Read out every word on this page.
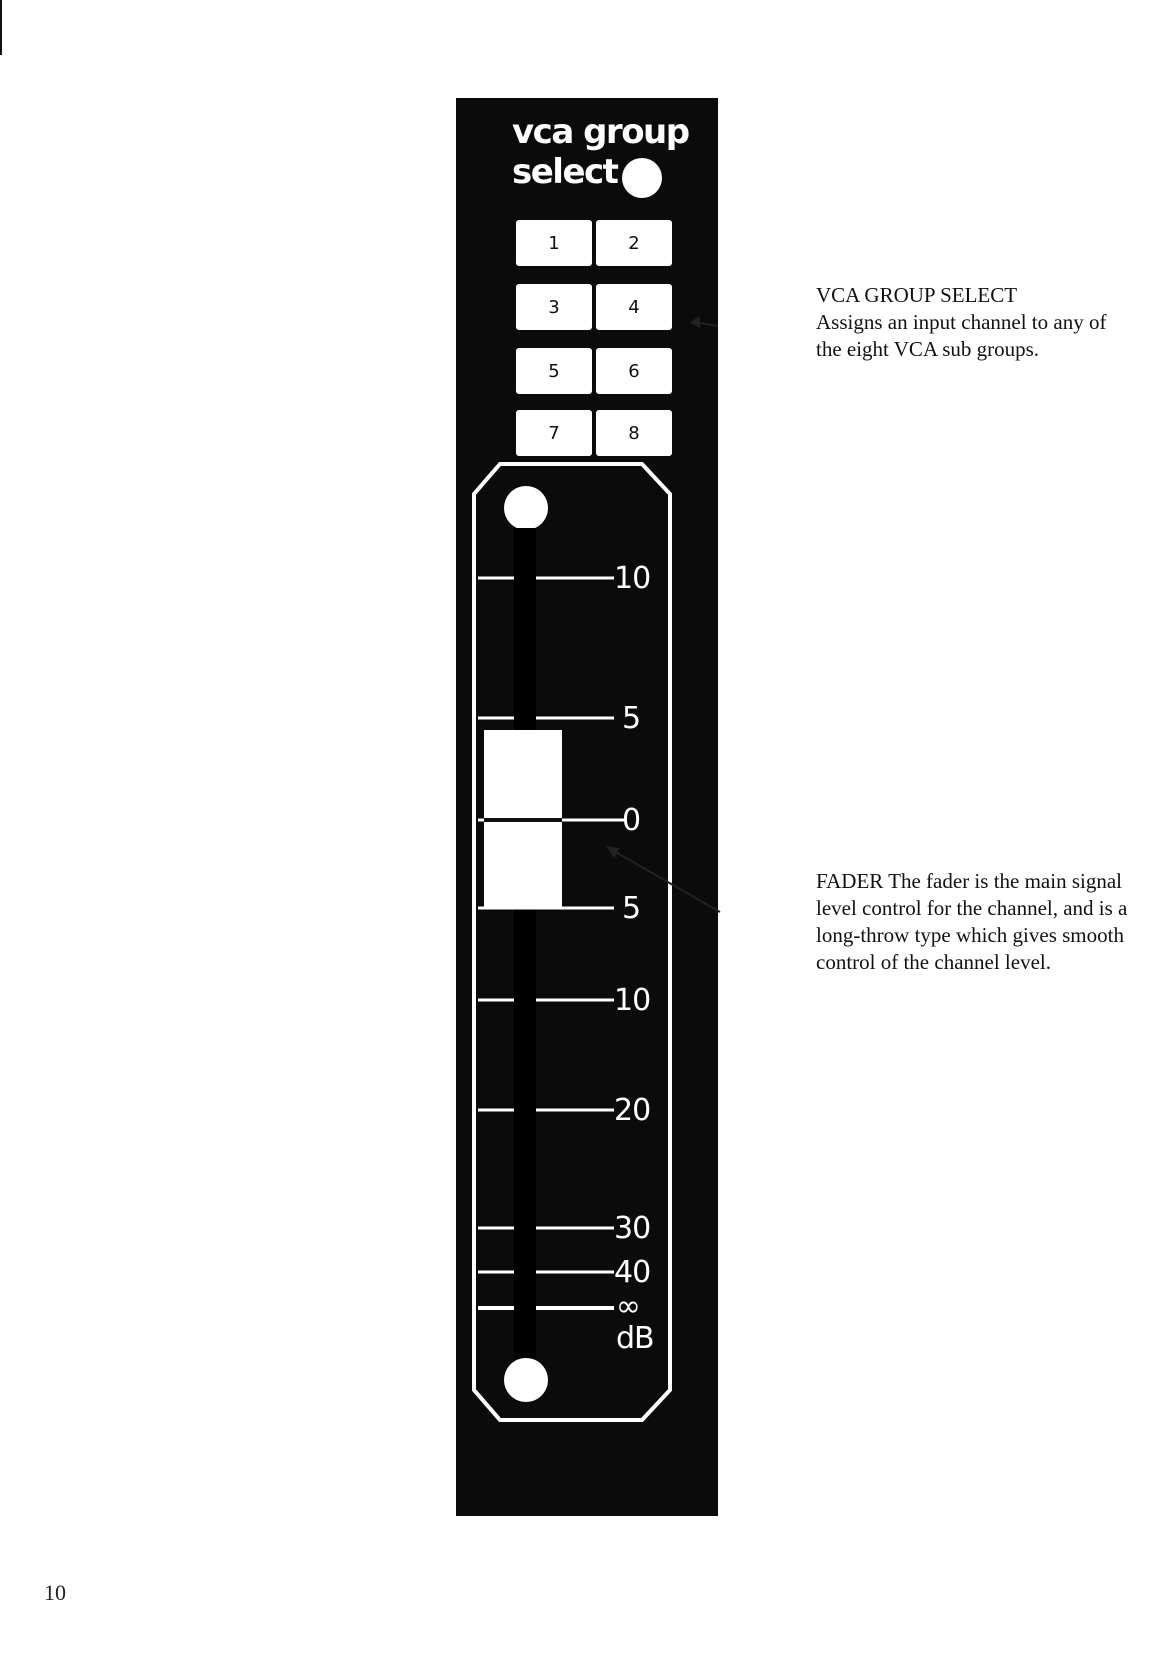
vca group
select
1	2
3	4
5	6
7	8
10
5
0
5
10
20
30
40
∞
dB
VCA GROUP SELECT
Assigns an input channel to any of the eight VCA sub groups.
FADER The fader is the main signal level control for the channel, and is a long-throw type which gives smooth control of the channel level.
10
